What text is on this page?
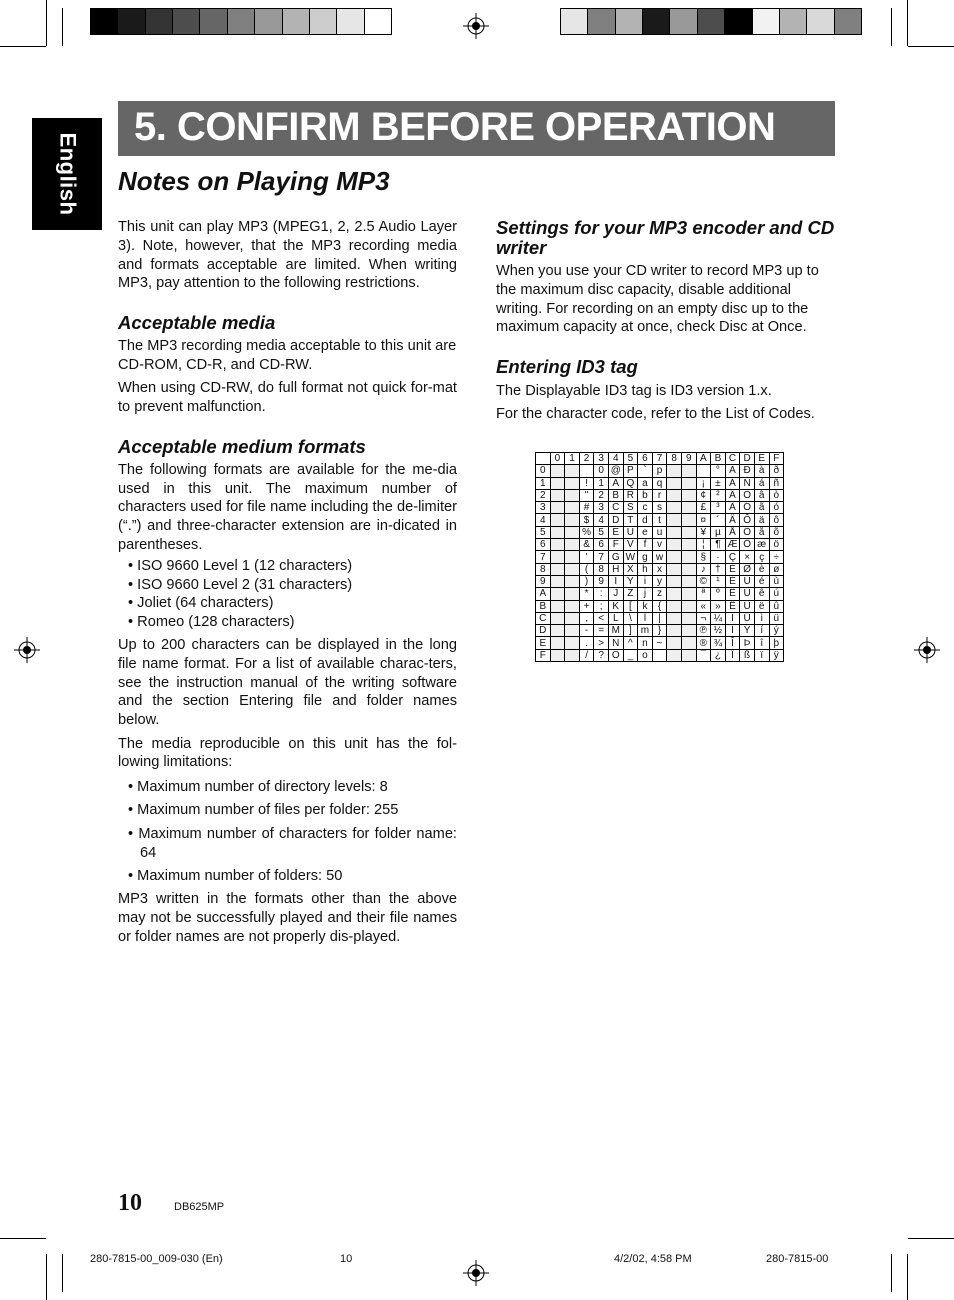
English
5. CONFIRM BEFORE OPERATION
Notes on Playing MP3

This unit can play MP3 (MPEG1, 2, 2.5 Audio Layer 3). Note, however, that the MP3 recording media and formats acceptable are limited. When writing MP3, pay attention to the following restrictions.

Acceptable media

The MP3 recording media acceptable to this unit are CD-ROM, CD-R, and CD-RW.

When using CD-RW, do full format not quick for-mat to prevent malfunction.

Acceptable medium formats

The following formats are available for the me-dia used in this unit. The maximum number of characters used for file name including the de-limiter (“.”) and three-character extension are in-dicated in parentheses.

• ISO 9660 Level 1 (12 characters)
• ISO 9660 Level 2 (31 characters)
• Joliet (64 characters)
• Romeo (128 characters)

Up to 200 characters can be displayed in the long file name format. For a list of available charac-ters, see the instruction manual of the writing software and the section Entering file and folder names below.

The media reproducible on this unit has the fol-lowing limitations:

• Maximum number of directory levels: 8
• Maximum number of files per folder: 255
• Maximum number of characters for folder name: 64
• Maximum number of folders: 50

MP3 written in the formats other than the above may not be successfully played and their file names or folder names are not properly dis-played.

Settings for your MP3 encoder and CD writer

When you use your CD writer to record MP3 up to the maximum disc capacity, disable additional writing. For recording on an empty disc up to the maximum capacity at once, check Disc at Once.

Entering ID3 tag

The Displayable ID3 tag is ID3 version 1.x.

For the character code, refer to the List of Codes.

	0	1	2	3	4	5	6	7	8	9	A	B	C	D	E	F
0				0	@	P	`	p				°	À	Ð	à	ð
1			!	1	A	Q	a	q			¡	±	Á	Ñ	á	ñ
2			"	2	B	R	b	r			¢	²	Â	Ò	â	ò
3			#	3	C	S	c	s			£	³	Ã	Ó	ã	ó
4			$	4	D	T	d	t			¤	´	Ä	Ô	ä	ô
5			%	5	E	U	e	u			¥	µ	Å	Õ	å	õ
6			&	6	F	V	f	v			¦	¶	Æ	Ö	æ	ö
7			'	7	G	W	g	w			§	·	Ç	×	ç	÷
8			(	8	H	X	h	x			♪	†	È	Ø	è	ø
9			)	9	I	Y	i	y			©	¹	É	Ù	é	ù
A			*	:	J	Z	j	z			ª	º	Ê	Ú	ê	ú
B			+	;	K	[	k	{			«	»	Ë	Û	ë	û
C			,	<	L	\	l	|			¬	¼	Ì	Ü	ì	ü
D			-	=	M	]	m	}			℗	½	Í	Ý	í	ý
E			.	>	N	^	n	~			®	¾	Î	Þ	î	þ
F			/	?	O	_	o				¯	¿	Ï	ß	ï	ÿ
10	DB625MP
280-7815-00_009-030 (En)	10	4/2/02, 4:58 PM	280-7815-00
